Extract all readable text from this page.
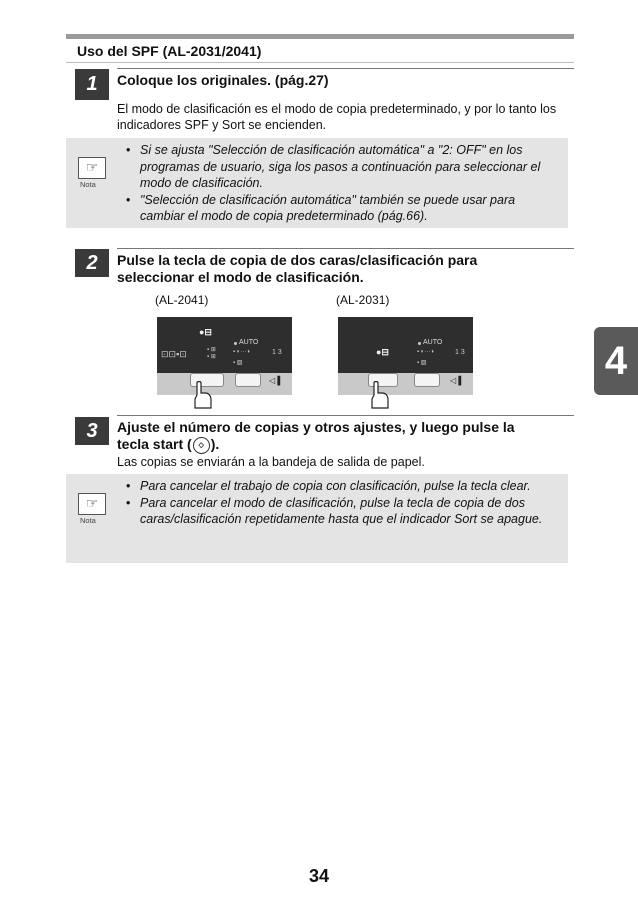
Uso del SPF (AL-2031/2041)
1	Coloque los originales. (pág.27)
El modo de clasificación es el modo de copia predeterminado, y por lo tanto los indicadores SPF y Sort se encienden.
☞
Nota
• Si se ajusta "Selección de clasificación automática" a "2: OFF" en los programas de usuario, siga los pasos a continuación para seleccionar el modo de clasificación.
• "Selección de clasificación automática" también se puede usar para cambiar el modo de copia predeterminado (pág.66).
2	Pulse la tecla de copia de dos caras/clasificación para
seleccionar el modo de clasificación.
(AL-2041)	(AL-2031)
●⊟
⊡⊡▪⊡	▪ ⊞
▪ ⊞
AUTO
▪ ◐···◑
▪ ▨
1 3
◁ ▌
AUTO
●⊟	▪ ◐···◑
▪ ▨
1 3
◁ ▌
3	Ajuste el número de copias y otros ajustes, y luego pulse la
tecla start ( ◇ ).
Las copias se enviarán a la bandeja de salida de papel.
☞
Nota
• Para cancelar el trabajo de copia con clasificación, pulse la tecla clear.
• Para cancelar el modo de clasificación, pulse la tecla de copia de dos caras/clasificación repetidamente hasta que el indicador Sort se apague.
4
34
